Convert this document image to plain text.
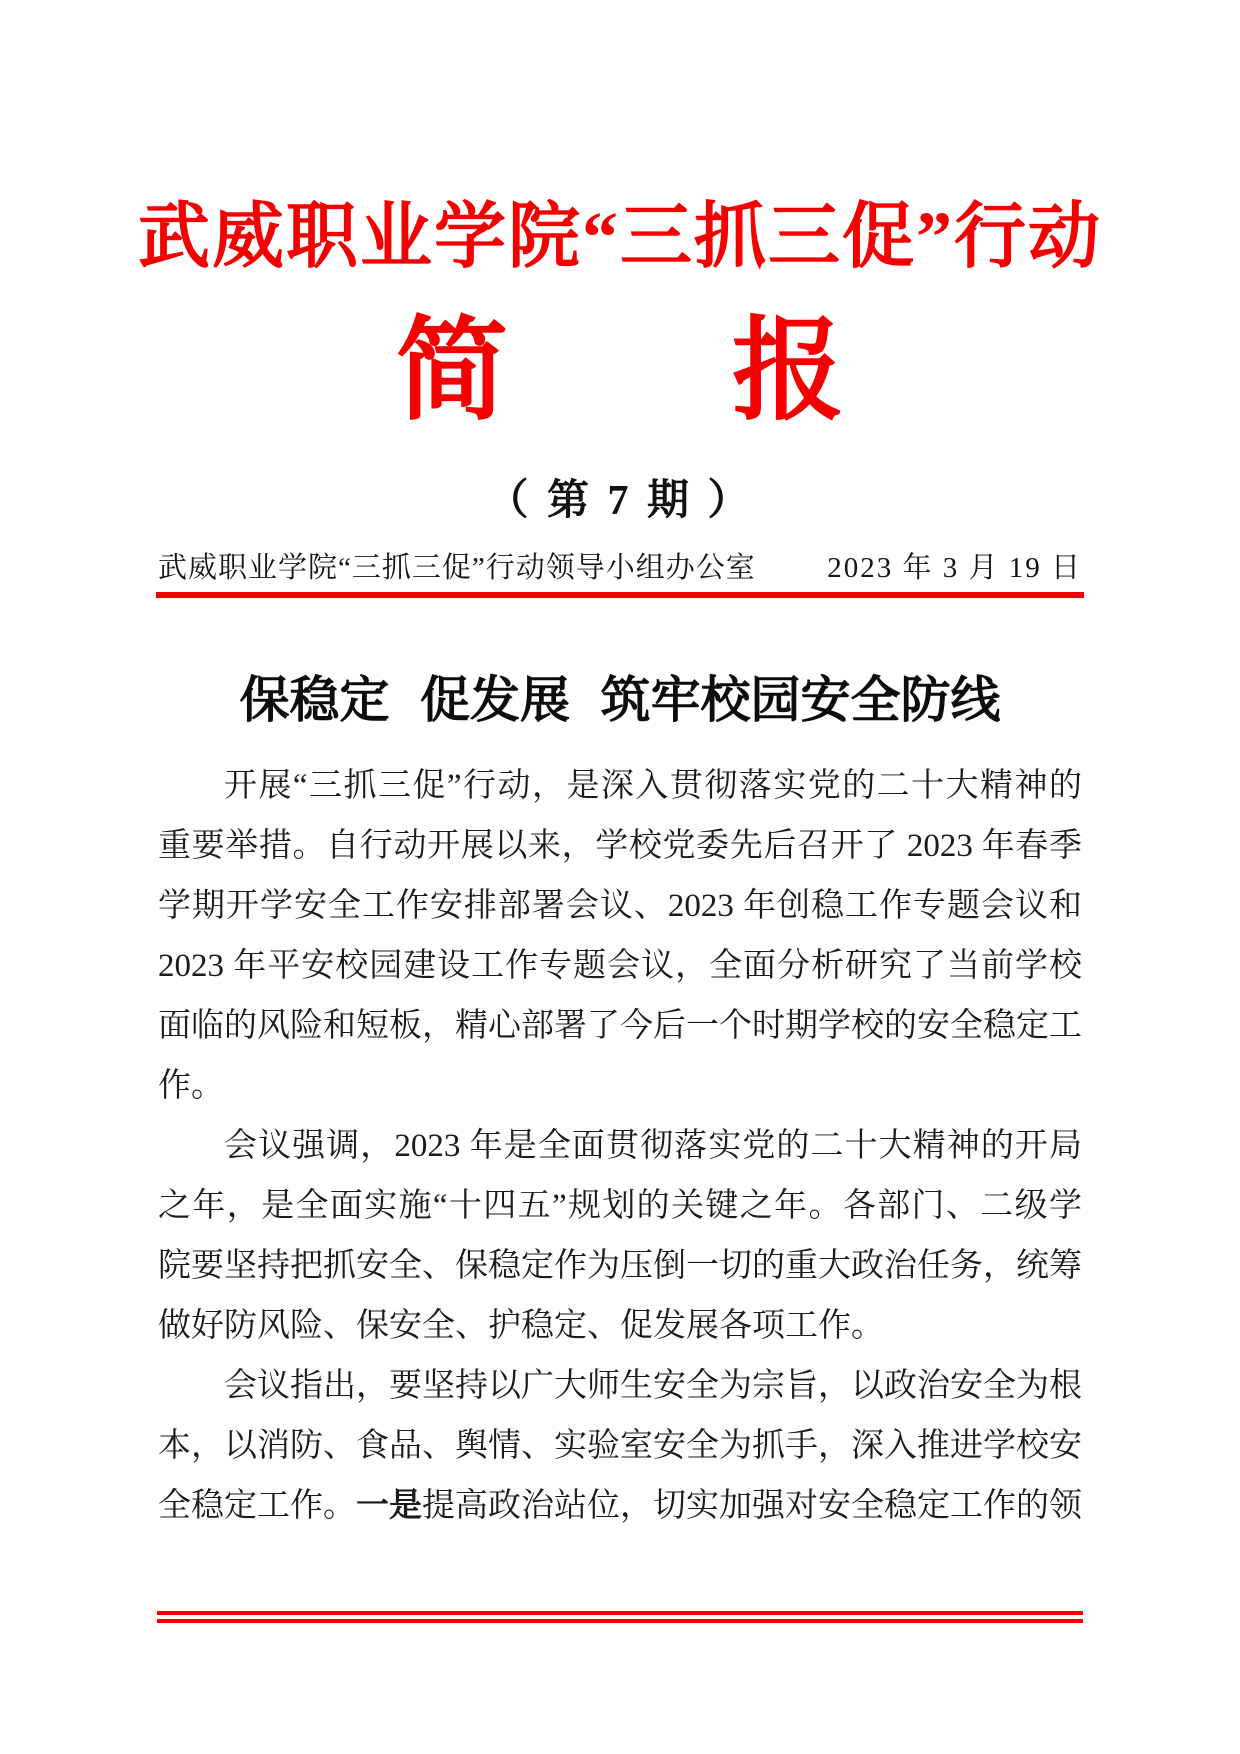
武威职业学院“三抓三促”行动
简　　报
（ 第 7 期 ）
武威职业学院“三抓三促”行动领导小组办公室 2023 年 3 月 19 日
保稳定 促发展 筑牢校园安全防线
开展“三抓三促”行动，是深入贯彻落实党的二十大精神的
重要举措。自行动开展以来，学校党委先后召开了 2023 年春季
学期开学安全工作安排部署会议、2023 年创稳工作专题会议和
2023 年平安校园建设工作专题会议，全面分析研究了当前学校
面临的风险和短板，精心部署了今后一个时期学校的安全稳定工
作。
会议强调，2023 年是全面贯彻落实党的二十大精神的开局
之年，是全面实施“十四五”规划的关键之年。各部门、二级学
院要坚持把抓安全、保稳定作为压倒一切的重大政治任务，统筹
做好防风险、保安全、护稳定、促发展各项工作。
会议指出，要坚持以广大师生安全为宗旨，以政治安全为根
本，以消防、食品、舆情、实验室安全为抓手，深入推进学校安
全稳定工作。一是提高政治站位，切实加强对安全稳定工作的领
